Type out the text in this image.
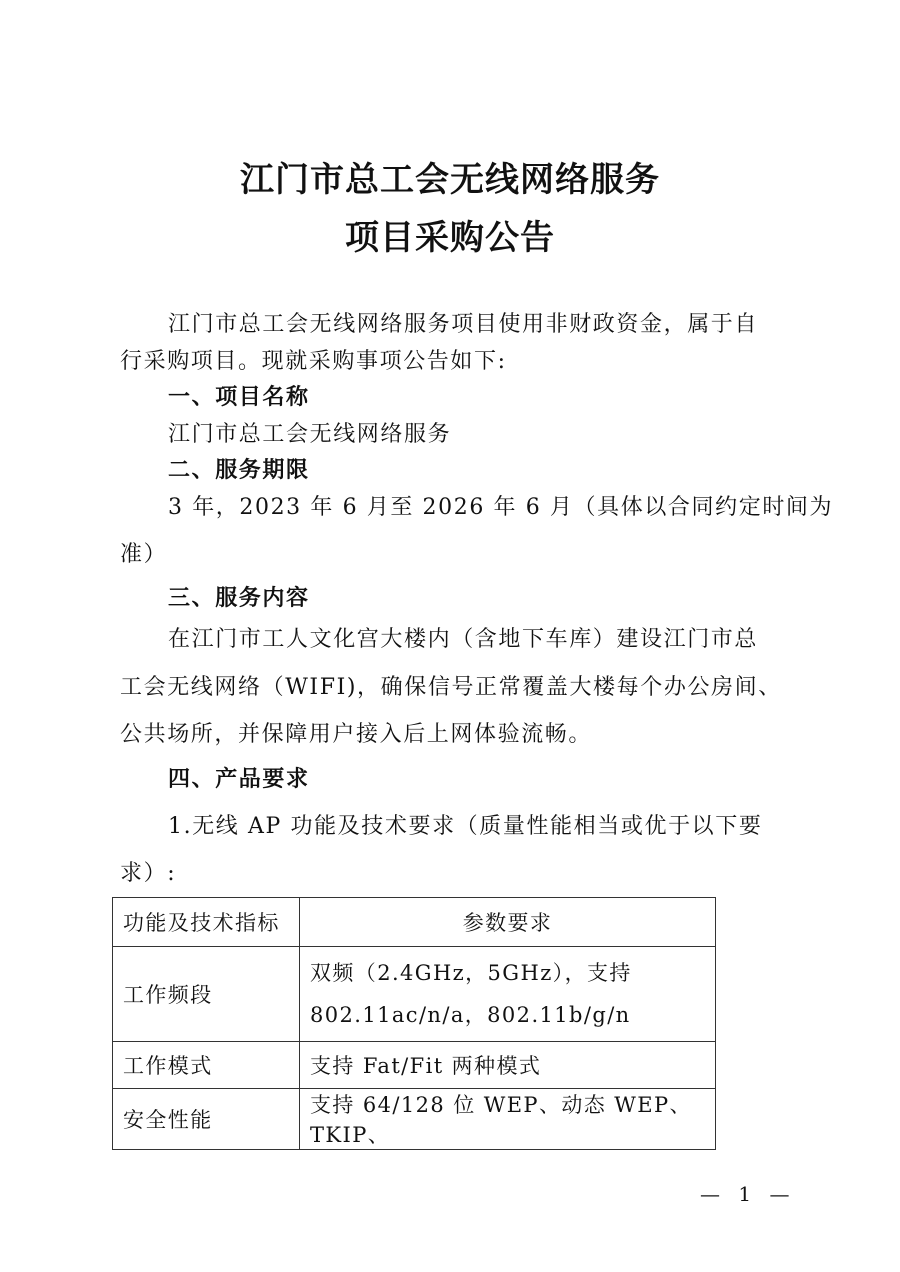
江门市总工会无线网络服务
项目采购公告
江门市总工会无线网络服务项目使用非财政资金，属于自
行采购项目。现就采购事项公告如下:
一、项目名称
江门市总工会无线网络服务
二、服务期限
3 年，2023 年 6 月至 2026 年 6 月（具体以合同约定时间为
准）
三、服务内容
在江门市工人文化宫大楼内（含地下车库）建设江门市总
工会无线网络（WIFI)，确保信号正常覆盖大楼每个办公房间、
公共场所，并保障用户接入后上网体验流畅。
四、产品要求
1.无线 AP 功能及技术要求（质量性能相当或优于以下要
求）:
功能及技术指标	参数要求
工作频段	双频（2.4GHz，5GHz），支持
802.11ac/n/a，802.11b/g/n

工作模式	支持 Fat/Fit 两种模式
安全性能	支持 64/128 位 WEP、动态 WEP、TKIP、
— 1 —
